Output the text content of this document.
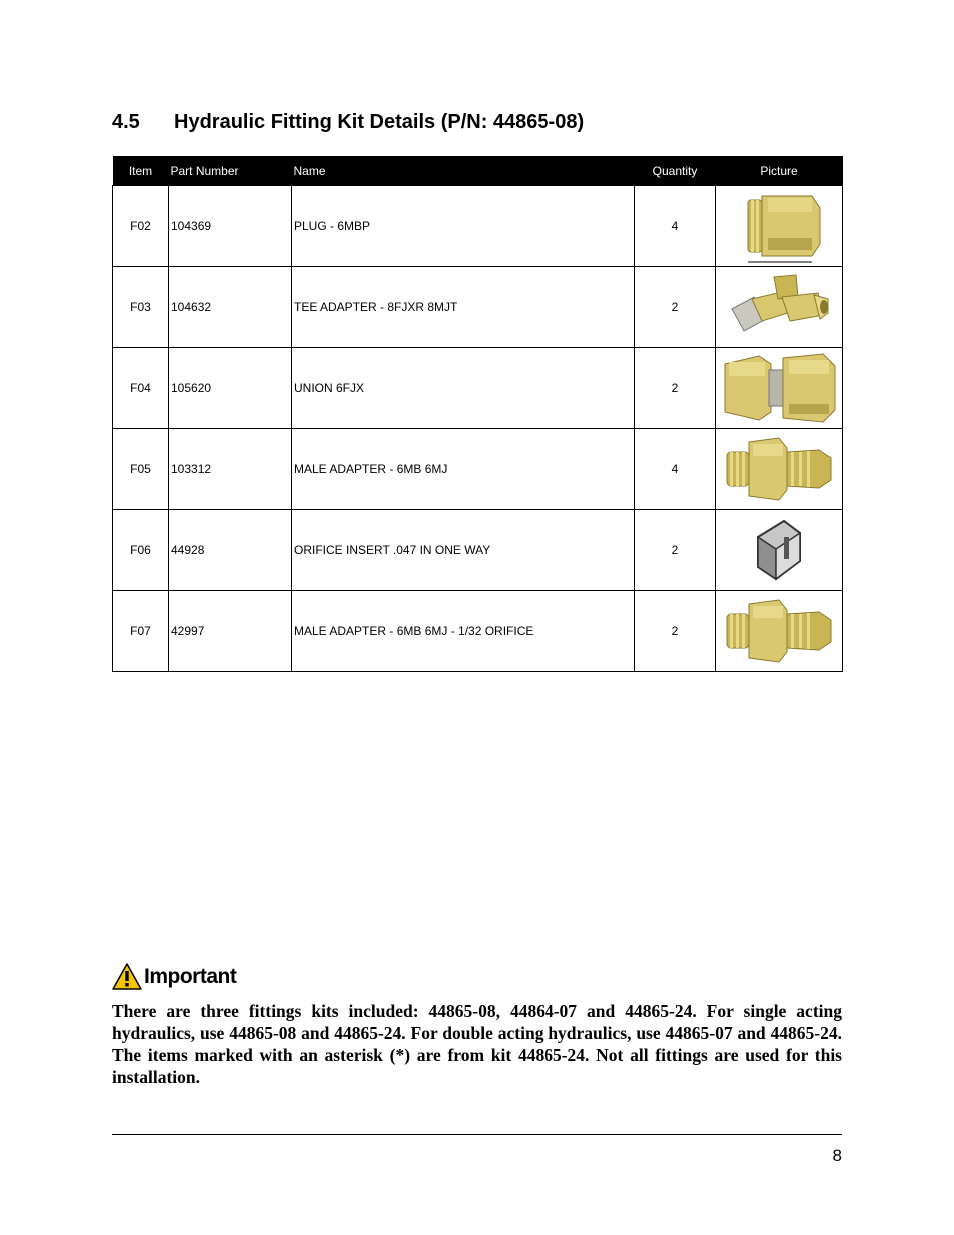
4.5 Hydraulic Fitting Kit Details (P/N: 44865-08)
Item	Part Number	Name	Quantity	Picture
F02	104369	PLUG - 6MBP	4	

F03	104632	TEE ADAPTER - 8FJXR 8MJT	2	

F04	105620	UNION 6FJX	2	

F05	103312	MALE ADAPTER - 6MB 6MJ	4	

F06	44928	ORIFICE INSERT .047 IN ONE WAY	2	

F07	42997	MALE ADAPTER - 6MB 6MJ - 1/32 ORIFICE	2	
Important
There are three fittings kits included: 44865-08, 44864-07 and 44865-24. For single acting hydraulics, use 44865-08 and 44865-24. For double acting hydraulics, use 44865-07 and 44865-24. The items marked with an asterisk (*) are from kit 44865-24. Not all fittings are used for this installation.
8
